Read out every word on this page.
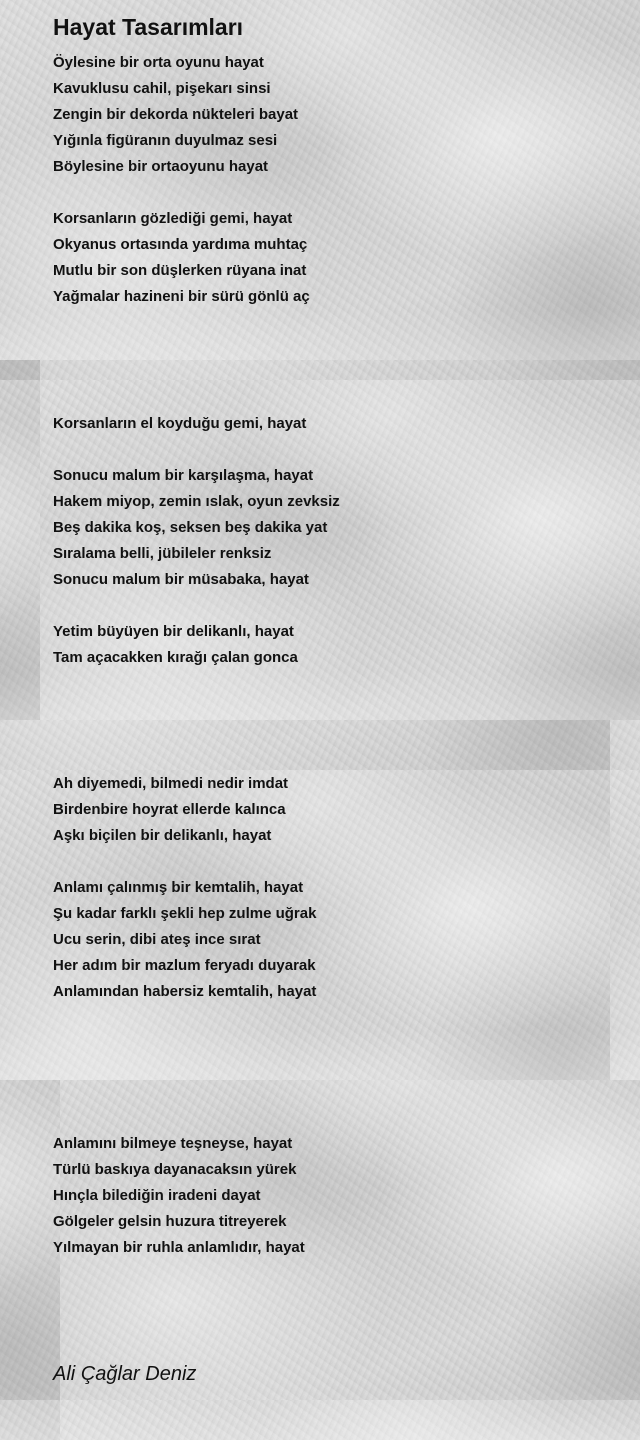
Hayat Tasarımları
Öylesine bir orta oyunu hayat
Kavuklusu cahil, pişekarı sinsi
Zengin bir dekorda nükteleri bayat
Yığınla figüranın duyulmaz sesi
Böylesine bir ortaoyunu hayat
Korsanların gözlediği gemi, hayat
Okyanus ortasında yardıma muhtaç
Mutlu bir son düşlerken rüyana inat
Yağmalar hazineni bir sürü gönlü aç
Korsanların el koyduğu gemi, hayat
Sonucu malum bir karşılaşma, hayat
Hakem miyop, zemin ıslak, oyun zevksiz
Beş dakika koş, seksen beş dakika yat
Sıralama belli, jübileler renksiz
Sonucu malum bir müsabaka, hayat
Yetim büyüyen bir delikanlı, hayat
Tam açacakken kırağı çalan gonca
Ah diyemedi, bilmedi nedir imdat
Birdenbire hoyrat ellerde kalınca
Aşkı biçilen bir delikanlı, hayat
Anlamı çalınmış bir kemtalih, hayat
Şu kadar farklı şekli hep zulme uğrak
Ucu serin, dibi ateş ince sırat
Her adım bir mazlum feryadı duyarak
Anlamından habersiz kemtalih, hayat
Anlamını bilmeye teşneyse, hayat
Türlü baskıya dayanacaksın yürek
Hınçla bilediğin iradeni dayat
Gölgeler gelsin huzura titreyerek
Yılmayan bir ruhla anlamlıdır, hayat
Ali Çağlar Deniz
